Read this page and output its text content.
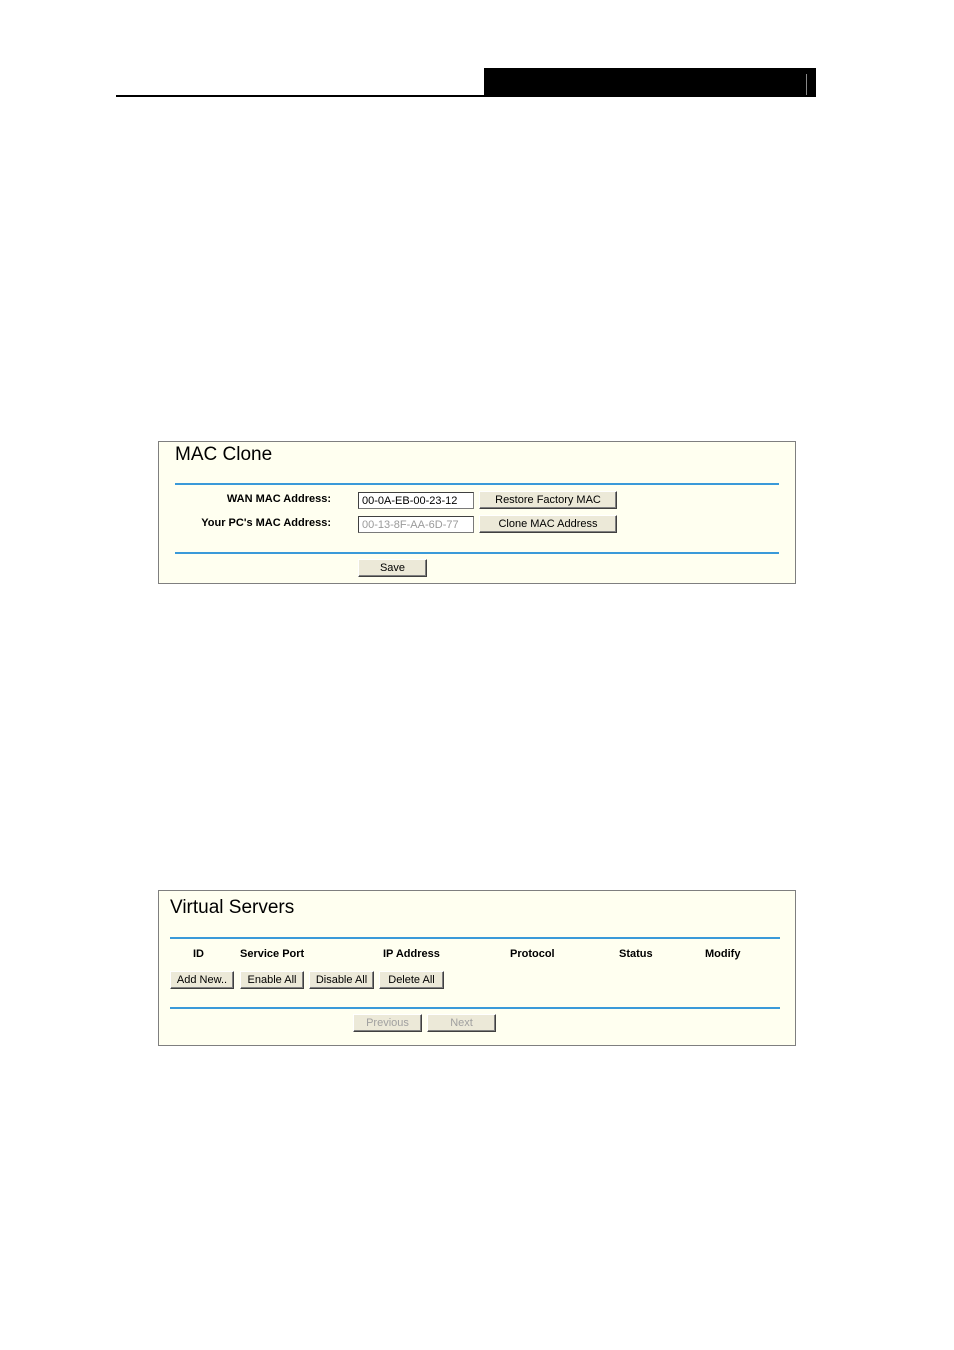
MAC Clone
WAN MAC Address:
00-0A-EB-00-23-12	Restore Factory MAC
Your PC's MAC Address:
00-13-8F-AA-6D-77	Clone MAC Address
Save
Virtual Servers
ID	Service Port	IP Address	Protocol	Status	Modify
Add New..	Enable All	Disable All	Delete All
Previous	Next
